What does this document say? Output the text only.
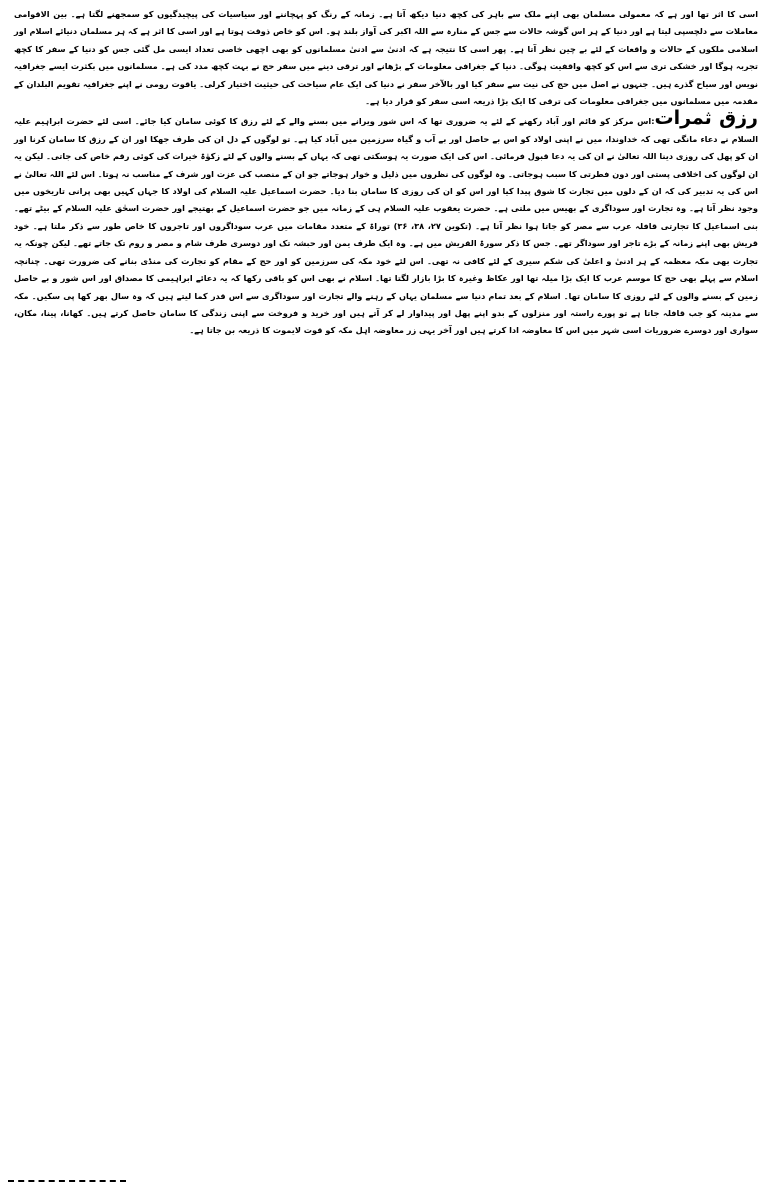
اسی کا اثر تھا اور ہے کہ معمولی مسلمان بھی اپنے ملک سے باہر کی کچھ دنیا دیکھ آتا ہے۔ زمانہ کے رنگ کو پہچاننے اور سیاسیات کی پیچیدگیوں کو سمجھنے لگتا ہے۔ بین الاقوامی معاملات سے دلچسپی لیتا ہے اور دنیا کے ہر اس گوشہ حالات سے جس کے منارہ سے اللہ اکبر کی آواز بلند ہو۔ اس کو خاص ذوقت ہوتا ہے اور اسی کا اثر ہے کہ ہر مسلمان دنیائے اسلام اور اسلامی ملکوں کے حالات و واقعات کے لئے بے چین نظر آتا ہے۔ پھر اسی کا نتیجہ ہے کہ ادنیٰ سے ادنیٰ مسلمانوں کو بھی اچھی خاصی تعداد ایسی مل گئی جس کو دنیا کے سفر کا کچھ تجربہ ہوگا اور خشکی تری سے اس کو کچھ واقفیت ہوگی۔ دنیا کے جغرافی معلومات کے بڑھانے اور ترقی دینے میں سفر حج نے بہت کچھ مدد کی ہے۔ مسلمانوں میں بکثرت ایسے جغرافیہ نویس اور سیاح گذرے ہیں۔ جنہوں نے اصل میں حج کی نیت سے سفر کیا اور بالآخر سفر نے دنیا کی ایک عام سیاحت کی حیثیت اختیار کرلی۔ یاقوت رومی نے اپنے جغرافیہ تقویم البلدان کے مقدمہ میں مسلمانوں میں جغرافی معلومات کی ترقی کا ایک بڑا ذریعہ اسی سفر کو قرار دیا ہے۔

رزق ثمرات:اس مرکز کو قائم اور آباد رکھنے کے لئے یہ ضروری تھا کہ اس شور ویرانے میں بسنے والے کے لئے رزق کا کوئی سامان کیا جائے۔ اسی لئے حضرت ابراہیم علیہ السلام نے دعاء مانگی تھی کہ خداوندا، میں نے اپنی اولاد کو اس بے حاصل اور بے آب و گیاہ سرزمین میں آباد کیا ہے۔ تو لوگوں کے دل ان کی طرف جھکا اور ان کے رزق کا سامان کرنا اور ان کو پھل کی روزی دینا اللہ تعالیٰ نے ان کی یہ دعا قبول فرمائی۔ اس کی ایک صورت یہ ہوسکتی تھی کہ یہاں کے بسنے والوں کے لئے زکوٰۃ خیرات کی کوئی رقم خاص کی جاتی۔ لیکن یہ ان لوگوں کی اخلاقی پستی اور دون فطرتی کا سبب ہوجاتی۔ وہ لوگوں کی نظروں میں ذلیل و خوار ہوجاتے جو ان کے منصب کی عزت اور شرف کے مناسب نہ ہوتا۔ اس لئے اللہ تعالیٰ نے اس کی یہ تدبیر کی کہ ان کے دلوں میں تجارت کا شوق پیدا کیا اور اس کو ان کی روزی کا سامان بنا دیا۔ حضرت اسماعیل علیہ السلام کی اولاد کا جہاں کہیں بھی پرانی تاریخوں میں وجود نظر آتا ہے۔ وہ تجارت اور سوداگری کے بھیس میں ملتی ہے۔ حضرت یعقوب علیہ السلام ہی کے زمانہ میں جو حضرت اسماعیل کے بھتیجے اور حضرت اسحٰق علیہ السلام کے بیٹے تھے۔ بنی اسماعیل کا تجارتی قافلہ عرب سے مصر کو جاتا ہوا نظر آتا ہے۔ (تکوین ۲۷، ۳۸، ۳۶) توراۃ کے متعدد مقامات میں عرب سوداگروں اور تاجروں کا خاص طور سے ذکر ملتا ہے۔ خود قریش بھی اپنے زمانہ کے بڑے تاجر اور سوداگر تھے۔ جس کا ذکر سورۃ القریش میں ہے۔ وہ ایک طرف یمن اور حبشہ تک اور دوسری طرف شام و مصر و روم تک جاتے تھے۔ لیکن چونکہ یہ تجارت بھی مکہ معظمہ کے ہر ادنیٰ و اعلیٰ کی شکم سیری کے لئے کافی نہ تھی۔ اس لئے خود مکہ کی سرزمین کو اور حج کے مقام کو تجارت کی منڈی بنانے کی ضرورت تھی۔ چنانچہ اسلام سے پہلے بھی حج کا موسم عرب کا ایک بڑا میلہ تھا اور عکاظ وغیرہ کا بڑا بازار لگتا تھا۔ اسلام نے بھی اس کو باقی رکھا کہ یہ دعائے ابراہیمی کا مصداق اور اس شور و بے حاصل زمین کے بسنے والوں کے لئے روزی کا سامان تھا۔ اسلام کے بعد تمام دنیا سے مسلمان یہاں کے رہنے والے تجارت اور سوداگری سے اس قدر کما لیتے ہیں کہ وہ سال بھر کھا پی سکیں۔ مکہ سے مدینہ کو جب قافلہ جاتا ہے تو پورے راستہ اور منزلوں کے بدو اپنے پھل اور پیداوار لے کر آتے ہیں اور خرید و فروخت سے اپنی زندگی کا سامان حاصل کرتے ہیں۔ کھانا، پینا، مکان، سواری اور دوسرے ضروریات اسی شہر میں اس کا معاوضہ ادا کرتے ہیں اور آخر یہی زر معاوضہ اہل مکہ کو قوت لایموت کا ذریعہ بن جاتا ہے۔
